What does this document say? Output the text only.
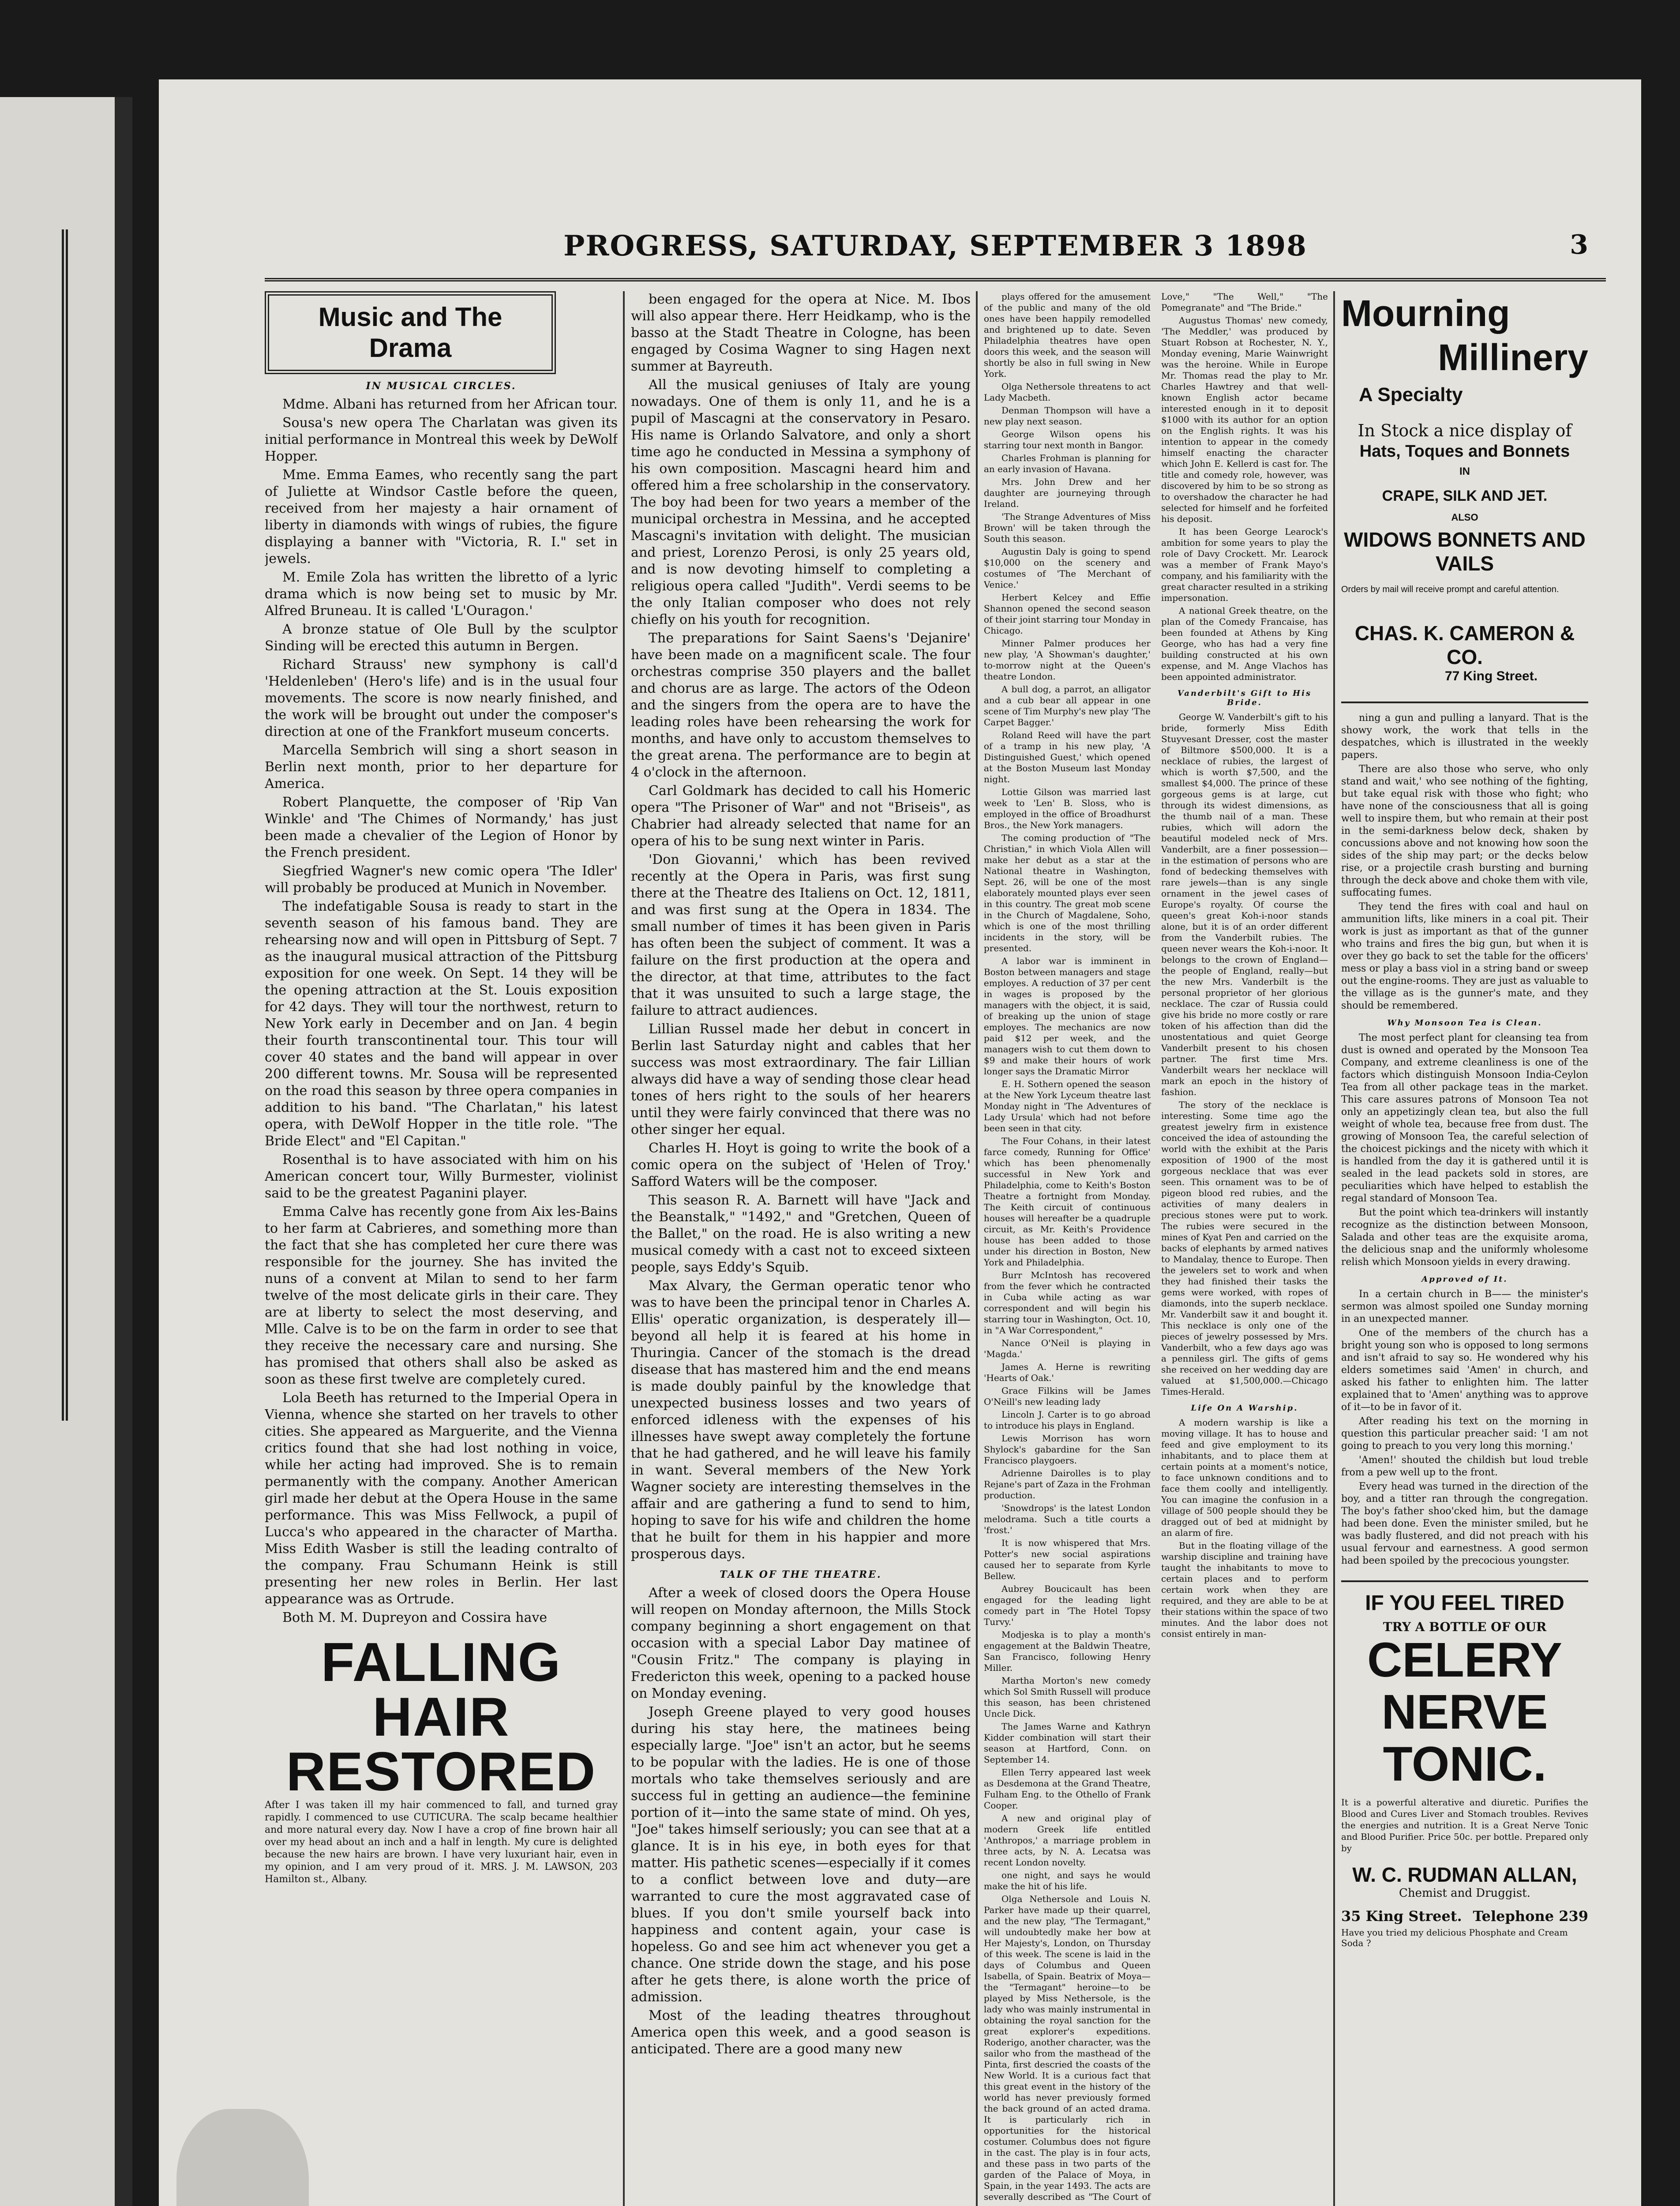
PROGRESS, SATURDAY, SEPTEMBER 3 1898	3
Music and The Drama
IN MUSICAL CIRCLES.

Mdme. Albani has returned from her African tour.

Sousa's new opera The Charlatan was given its initial performance in Montreal this week by DeWolf Hopper.

Mme. Emma Eames, who recently sang the part of Juliette at Windsor Castle before the queen, received from her majesty a hair ornament of liberty in diamonds with wings of rubies, the figure displaying a banner with "Victoria, R. I." set in jewels.

M. Emile Zola has written the libretto of a lyric drama which is now being set to music by Mr. Alfred Bruneau. It is called 'L'Ouragon.'

A bronze statue of Ole Bull by the sculptor Sinding will be erected this autumn in Bergen.

Richard Strauss' new symphony is call'd 'Heldenleben' (Hero's life) and is in the usual four movements. The score is now nearly finished, and the work will be brought out under the composer's direction at one of the Frankfort museum concerts.

Marcella Sembrich will sing a short season in Berlin next month, prior to her departure for America.

Robert Planquette, the composer of 'Rip Van Winkle' and 'The Chimes of Normandy,' has just been made a chevalier of the Legion of Honor by the French president.

Siegfried Wagner's new comic opera 'The Idler' will probably be produced at Munich in November.

The indefatigable Sousa is ready to start in the seventh season of his famous band. They are rehearsing now and will open in Pittsburg of Sept. 7 as the inaugural musical attraction of the Pittsburg exposition for one week. On Sept. 14 they will be the opening attraction at the St. Louis exposition for 42 days. They will tour the northwest, return to New York early in December and on Jan. 4 begin their fourth transcontinental tour. This tour will cover 40 states and the band will appear in over 200 different towns. Mr. Sousa will be represented on the road this season by three opera companies in addition to his band. "The Charlatan," his latest opera, with DeWolf Hopper in the title role. "The Bride Elect" and "El Capitan."

Rosenthal is to have associated with him on his American concert tour, Willy Burmester, violinist said to be the greatest Paganini player.

Emma Calve has recently gone from Aix les-Bains to her farm at Cabrieres, and something more than the fact that she has completed her cure there was responsible for the journey. She has invited the nuns of a convent at Milan to send to her farm twelve of the most delicate girls in their care. They are at liberty to select the most deserving, and Mlle. Calve is to be on the farm in order to see that they receive the necessary care and nursing. She has promised that others shall also be asked as soon as these first twelve are completely cured.

Lola Beeth has returned to the Imperial Opera in Vienna, whence she started on her travels to other cities. She appeared as Marguerite, and the Vienna critics found that she had lost nothing in voice, while her acting had improved. She is to remain permanently with the company. Another American girl made her debut at the Opera House in the same performance. This was Miss Fellwock, a pupil of Lucca's who appeared in the character of Martha. Miss Edith Wasber is still the leading contralto of the company. Frau Schumann Heink is still presenting her new roles in Berlin. Her last appearance was as Ortrude.

Both M. M. Dupreyon and Cossira have

FALLING
HAIR
RESTORED
After I was taken ill my hair commenced to fall, and turned gray rapidly. I commenced to use CUTICURA. The scalp became healthier and more natural every day. Now I have a crop of fine brown hair all over my head about an inch and a half in length. My cure is delighted because the new hairs are brown. I have very luxuriant hair, even in my opinion, and I am very proud of it. MRS. J. M. LAWSON, 203 Hamilton st., Albany.

been engaged for the opera at Nice. M. Ibos will also appear there. Herr Heidkamp, who is the basso at the Stadt Theatre in Cologne, has been engaged by Cosima Wagner to sing Hagen next summer at Bayreuth.

All the musical geniuses of Italy are young nowadays. One of them is only 11, and he is a pupil of Mascagni at the conservatory in Pesaro. His name is Orlando Salvatore, and only a short time ago he conducted in Messina a symphony of his own composition. Mascagni heard him and offered him a free scholarship in the conservatory. The boy had been for two years a member of the municipal orchestra in Messina, and he accepted Mascagni's invitation with delight. The musician and priest, Lorenzo Perosi, is only 25 years old, and is now devoting himself to completing a religious opera called "Judith". Verdi seems to be the only Italian composer who does not rely chiefly on his youth for recognition.

The preparations for Saint Saens's 'Dejanire' have been made on a magnificent scale. The four orchestras comprise 350 players and the ballet and chorus are as large. The actors of the Odeon and the singers from the opera are to have the leading roles have been rehearsing the work for months, and have only to accustom themselves to the great arena. The performance are to begin at 4 o'clock in the afternoon.

Carl Goldmark has decided to call his Homeric opera "The Prisoner of War" and not "Briseis", as Chabrier had already selected that name for an opera of his to be sung next winter in Paris.

'Don Giovanni,' which has been revived recently at the Opera in Paris, was first sung there at the Theatre des Italiens on Oct. 12, 1811, and was first sung at the Opera in 1834. The small number of times it has been given in Paris has often been the subject of comment. It was a failure on the first production at the opera and the director, at that time, attributes to the fact that it was unsuited to such a large stage, the failure to attract audiences.

Lillian Russel made her debut in concert in Berlin last Saturday night and cables that her success was most extraordinary. The fair Lillian always did have a way of sending those clear head tones of hers right to the souls of her hearers until they were fairly convinced that there was no other singer her equal.

Charles H. Hoyt is going to write the book of a comic opera on the subject of 'Helen of Troy.' Safford Waters will be the composer.

This season R. A. Barnett will have "Jack and the Beanstalk," "1492," and "Gretchen, Queen of the Ballet," on the road. He is also writing a new musical comedy with a cast not to exceed sixteen people, says Eddy's Squib.

Max Alvary, the German operatic tenor who was to have been the principal tenor in Charles A. Ellis' operatic organization, is desperately ill—beyond all help it is feared at his home in Thuringia. Cancer of the stomach is the dread disease that has mastered him and the end means is made doubly painful by the knowledge that unexpected business losses and two years of enforced idleness with the expenses of his illnesses have swept away completely the fortune that he had gathered, and he will leave his family in want. Several members of the New York Wagner society are interesting themselves in the affair and are gathering a fund to send to him, hoping to save for his wife and children the home that he built for them in his happier and more prosperous days.

TALK OF THE THEATRE.

After a week of closed doors the Opera House will reopen on Monday afternoon, the Mills Stock company beginning a short engagement on that occasion with a special Labor Day matinee of "Cousin Fritz." The company is playing in Fredericton this week, opening to a packed house on Monday evening.

Joseph Greene played to very good houses during his stay here, the matinees being especially large. "Joe" isn't an actor, but he seems to be popular with the ladies. He is one of those mortals who take themselves seriously and are success ful in getting an audience—the feminine portion of it—into the same state of mind. Oh yes, "Joe" takes himself seriously; you can see that at a glance. It is in his eye, in both eyes for that matter. His pathetic scenes—especially if it comes to a conflict between love and duty—are warranted to cure the most aggravated case of blues. If you don't smile yourself back into happiness and content again, your case is hopeless. Go and see him act whenever you get a chance. One stride down the stage, and his pose after he gets there, is alone worth the price of admission.

Most of the leading theatres throughout America open this week, and a good season is anticipated. There are a good many new

plays offered for the amusement of the public and many of the old ones have been happily remodelled and brightened up to date. Seven Philadelphia theatres have open doors this week, and the season will shortly be also in full swing in New York.

Olga Nethersole threatens to act Lady Macbeth.

Denman Thompson will have a new play next season.

George Wilson opens his starring tour next month in Bangor.

Charles Frohman is planning for an early invasion of Havana.

Mrs. John Drew and her daughter are journeying through Ireland.

'The Strange Adventures of Miss Brown' will be taken through the South this season.

Augustin Daly is going to spend $10,000 on the scenery and costumes of 'The Merchant of Venice.'

Herbert Kelcey and Effie Shannon opened the second season of their joint starring tour Monday in Chicago.

Minner Palmer produces her new play, 'A Showman's daughter,' to-morrow night at the Queen's theatre London.

A bull dog, a parrot, an alligator and a cub bear all appear in one scene of Tim Murphy's new play 'The Carpet Bagger.'

Roland Reed will have the part of a tramp in his new play, 'A Distinguished Guest,' which opened at the Boston Museum last Monday night.

Lottie Gilson was married last week to 'Len' B. Sloss, who is employed in the office of Broadhurst Bros., the New York managers.

The coming production of "The Christian," in which Viola Allen will make her debut as a star at the National theatre in Washington, Sept. 26, will be one of the most elaborately mounted plays ever seen in this country. The great mob scene in the Church of Magdalene, Soho, which is one of the most thrilling incidents in the story, will be presented.

A labor war is imminent in Boston between managers and stage employes. A reduction of 37 per cent in wages is proposed by the managers with the object, it is said, of breaking up the union of stage employes. The mechanics are now paid $12 per week, and the managers wish to cut them down to $9 and make their hours of work longer says the Dramatic Mirror

E. H. Sothern opened the season at the New York Lyceum theatre last Monday night in 'The Adventures of Lady Ursula' which had not before been seen in that city.

The Four Cohans, in their latest farce comedy, Running for Office' which has been phenomenally successful in New York and Philadelphia, come to Keith's Boston Theatre a fortnight from Monday. The Keith circuit of continuous houses will hereafter be a quadruple circuit, as Mr. Keith's Providence house has been added to those under his direction in Boston, New York and Philadelphia.

Burr McIntosh has recovered from the fever which he contracted in Cuba while acting as war correspondent and will begin his starring tour in Washington, Oct. 10, in "A War Correspondent,"

Nance O'Neil is playing in 'Magda.'

James A. Herne is rewriting 'Hearts of Oak.'

Grace Filkins will be James O'Neill's new leading lady

Lincoln J. Carter is to go abroad to introduce his plays in England.

Lewis Morrison has worn Shylock's gabardine for the San Francisco playgoers.

Adrienne Dairolles is to play Rejane's part of Zaza in the Frohman production.

'Snowdrops' is the latest London melodrama. Such a title courts a 'frost.'

It is now whispered that Mrs. Potter's new social aspirations caused her to separate from Kyrle Bellew.

Aubrey Boucicault has been engaged for the leading light comedy part in 'The Hotel Topsy Turvy.'

Modjeska is to play a month's engagement at the Baldwin Theatre, San Francisco, following Henry Miller.

Martha Morton's new comedy which Sol Smith Russell will produce this season, has been christened Uncle Dick.

The James Warne and Kathryn Kidder combination will start their season at Hartford, Conn. on September 14.

Ellen Terry appeared last week as Desdemona at the Grand Theatre, Fulham Eng. to the Othello of Frank Cooper.

A new and original play of modern Greek life entitled 'Anthropos,' a marriage problem in three acts, by N. A. Lecatsa was recent London novelty.

one night, and says he would make the hit of his life.

Olga Nethersole and Louis N. Parker have made up their quarrel, and the new play, "The Termagant," will undoubtedly make her bow at Her Majesty's, London, on Thursday of this week. The scene is laid in the days of Columbus and Queen Isabella, of Spain. Beatrix of Moya—the "Termagant" heroine—to be played by Miss Nethersole, is the lady who was mainly instrumental in obtaining the royal sanction for the great explorer's expeditions. Roderigo, another character, was the sailor who from the masthead of the Pinta, first descried the coasts of the New World. It is a curious fact that this great event in the history of the world has never previously formed the back ground of an acted drama. It is particularly rich in opportunities for the historical costumer. Columbus does not figure in the cast. The play is in four acts, and these pass in two parts of the garden of the Palace of Moya, in Spain, in the year 1493. The acts are severally described as "The Court of Love," "The Well," "The Pomegranate" and "The Bride."

Augustus Thomas' new comedy, 'The Meddler,' was produced by Stuart Robson at Rochester, N. Y., Monday evening, Marie Wainwright was the heroine. While in Europe Mr. Thomas read the play to Mr. Charles Hawtrey and that well-known English actor became interested enough in it to deposit $1000 with its author for an option on the English rights. It was his intention to appear in the comedy himself enacting the character which John E. Kellerd is cast for. The title and comedy role, however, was discovered by him to be so strong as to overshadow the character he had selected for himself and he forfeited his deposit.

It has been George Learock's ambition for some years to play the role of Davy Crockett. Mr. Learock was a member of Frank Mayo's company, and his familiarity with the great character resulted in a striking impersonation.

A national Greek theatre, on the plan of the Comedy Francaise, has been founded at Athens by King George, who has had a very fine building constructed at his own expense, and M. Ange Vlachos has been appointed administrator.

Vanderbilt's Gift to His Bride.

George W. Vanderbilt's gift to his bride, formerly Miss Edith Stuyvesant Dresser, cost the master of Biltmore $500,000. It is a necklace of rubies, the largest of which is worth $7,500, and the smallest $4,000. The prince of these gorgeous gems is at large, cut through its widest dimensions, as the thumb nail of a man. These rubies, which will adorn the beautiful modeled neck of Mrs. Vanderbilt, are a finer possession—in the estimation of persons who are fond of bedecking themselves with rare jewels—than is any single ornament in the jewel cases of Europe's royalty. Of course the queen's great Koh-i-noor stands alone, but it is of an order different from the Vanderbilt rubies. The queen never wears the Koh-i-noor. It belongs to the crown of England—the people of England, really—but the new Mrs. Vanderbilt is the personal proprietor of her glorious necklace. The czar of Russia could give his bride no more costly or rare token of his affection than did the unostentatious and quiet George Vanderbilt present to his chosen partner. The first time Mrs. Vanderbilt wears her necklace will mark an epoch in the history of fashion.

The story of the necklace is interesting. Some time ago the greatest jewelry firm in existence conceived the idea of astounding the world with the exhibit at the Paris exposition of 1900 of the most gorgeous necklace that was ever seen. This ornament was to be of pigeon blood red rubies, and the activities of many dealers in precious stones were put to work. The rubies were secured in the mines of Kyat Pen and carried on the backs of elephants by armed natives to Mandalay, thence to Europe. Then the jewelers set to work and when they had finished their tasks the gems were worked, with ropes of diamonds, into the superb necklace. Mr. Vanderbilt saw it and bought it. This necklace is only one of the pieces of jewelry possessed by Mrs. Vanderbilt, who a few days ago was a penniless girl. The gifts of gems she received on her wedding day are valued at $1,500,000.—Chicago Times-Herald.

Life On A Warship.

A modern warship is like a moving village. It has to house and feed and give employment to its inhabitants, and to place them at certain points at a moment's notice, to face unknown conditions and to face them coolly and intelligently. You can imagine the confusion in a village of 500 people should they be dragged out of bed at midnight by an alarm of fire.

But in the floating village of the warship discipline and training have taught the inhabitants to move to certain places and to perform certain work when they are required, and they are able to be at their stations within the space of two minutes. And the labor does not consist entirely in man-

Mourning
Millinery
A Specialty
In Stock a nice display of
Hats, Toques and Bonnets
IN
CRAPE, SILK AND JET.
ALSO
WIDOWS BONNETS AND VAILS
Orders by mail will receive prompt and careful attention.
CHAS. K. CAMERON & CO.
77 King Street.

ning a gun and pulling a lanyard. That is the showy work, the work that tells in the despatches, which is illustrated in the weekly papers.

There are also those who serve, who only stand and wait,' who see nothing of the fighting, but take equal risk with those who fight; who have none of the consciousness that all is going well to inspire them, but who remain at their post in the semi-darkness below deck, shaken by concussions above and not knowing how soon the sides of the ship may part; or the decks below rise, or a projectile crash bursting and burning through the deck above and choke them with vile, suffocating fumes.

They tend the fires with coal and haul on ammunition lifts, like miners in a coal pit. Their work is just as important as that of the gunner who trains and fires the big gun, but when it is over they go back to set the table for the officers' mess or play a bass viol in a string band or sweep out the engine-rooms. They are just as valuable to the village as is the gunner's mate, and they should be remembered.

Why Monsoon Tea is Clean.

The most perfect plant for cleansing tea from dust is owned and operated by the Monsoon Tea Company, and extreme cleanliness is one of the factors which distinguish Monsoon India-Ceylon Tea from all other package teas in the market. This care assures patrons of Monsoon Tea not only an appetizingly clean tea, but also the full weight of whole tea, because free from dust. The growing of Monsoon Tea, the careful selection of the choicest pickings and the nicety with which it is handled from the day it is gathered until it is sealed in the lead packets sold in stores, are peculiarities which have helped to establish the regal standard of Monsoon Tea.

But the point which tea-drinkers will instantly recognize as the distinction between Monsoon, Salada and other teas are the exquisite aroma, the delicious snap and the uniformly wholesome relish which Monsoon yields in every drawing.

Approved of It.

In a certain church in B—— the minister's sermon was almost spoiled one Sunday morning in an unexpected manner.

One of the members of the church has a bright young son who is opposed to long sermons and isn't afraid to say so. He wondered why his elders sometimes said 'Amen' in church, and asked his father to enlighten him. The latter explained that to 'Amen' anything was to approve of it—to be in favor of it.

After reading his text on the morning in question this particular preacher said: 'I am not going to preach to you very long this morning.'

'Amen!' shouted the childish but loud treble from a pew well up to the front.

Every head was turned in the direction of the boy, and a titter ran through the congregation. The boy's father shoo'cked him, but the damage had been done. Even the minister smiled, but he was badly flustered, and did not preach with his usual fervour and earnestness. A good sermon had been spoiled by the precocious youngster.

IF YOU FEEL TIRED
TRY A BOTTLE OF OUR
CELERY
NERVE
TONIC.
It is a powerful alterative and diuretic. Purifies the Blood and Cures Liver and Stomach troubles. Revives the energies and nutrition. It is a Great Nerve Tonic and Blood Purifier. Price 50c. per bottle. Prepared only by
W. C. RUDMAN ALLAN,
Chemist and Druggist.
35 King Street. Telephone 239
Have you tried my delicious Phosphate and Cream Soda ?
